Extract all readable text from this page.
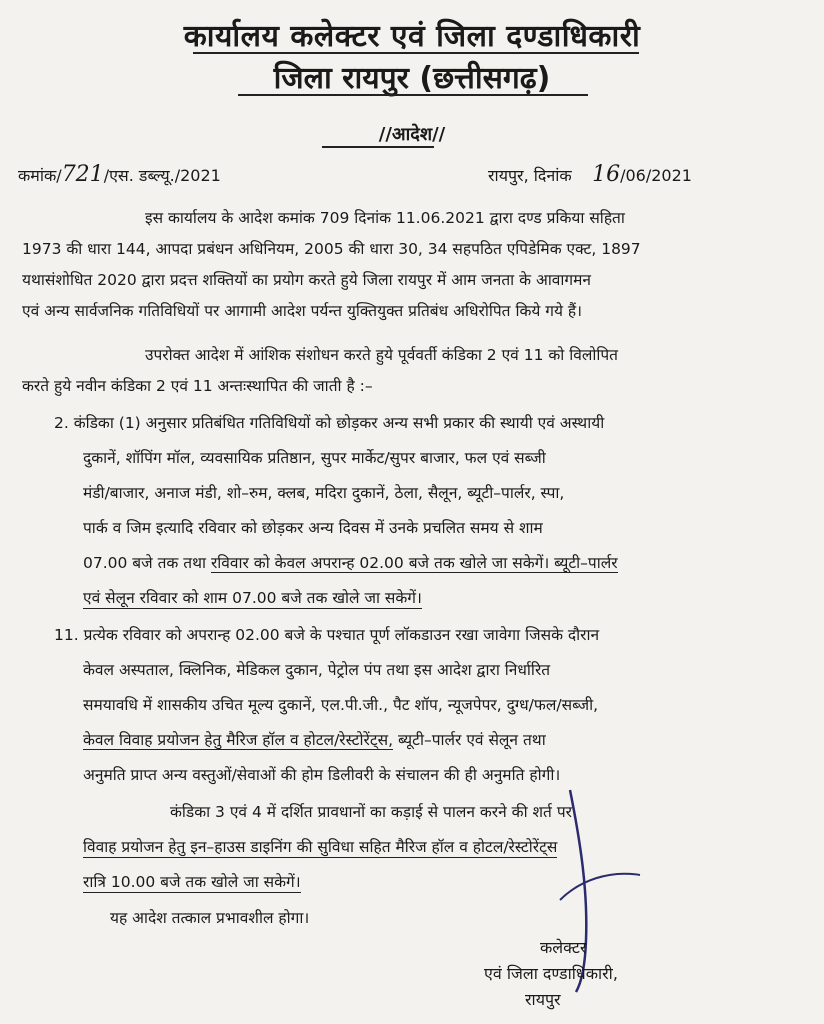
कार्यालय कलेक्टर एवं जिला दण्डाधिकारी
जिला रायपुर (छत्तीसगढ़)
//आदेश//
कमांक/721/एस. डब्ल्यू./2021	रायपुर, दिनांक 16/06/2021
इस कार्यालय के आदेश कमांक 709 दिनांक 11.06.2021 द्वारा दण्ड प्रकिया सहिता
1973 की धारा 144, आपदा प्रबंधन अधिनियम, 2005 की धारा 30, 34 सहपठित एपिडेमिक एक्ट, 1897
यथासंशोधित 2020 द्वारा प्रदत्त शक्तियों का प्रयोग करते हुये जिला रायपुर में आम जनता के आवागमन
एवं अन्य सार्वजनिक गतिविधियों पर आगामी आदेश पर्यन्त युक्तियुक्त प्रतिबंध अधिरोपित किये गये हैं।
उपरोक्त आदेश में आंशिक संशोधन करते हुये पूर्ववर्ती कंडिका 2 एवं 11 को विलोपित
करते हुये नवीन कंडिका 2 एवं 11 अन्तःस्थापित की जाती है :–
2. कंडिका (1) अनुसार प्रतिबंधित गतिविधियों को छोड़कर अन्य सभी प्रकार की स्थायी एवं अस्थायी
दुकानें, शॉपिंग मॉल, व्यवसायिक प्रतिष्ठान, सुपर मार्केट/सुपर बाजार, फल एवं सब्जी
मंडी/बाजार, अनाज मंडी, शो–रुम, क्लब, मदिरा दुकानें, ठेला, सैलून, ब्यूटी–पार्लर, स्पा,
पार्क व जिम इत्यादि रविवार को छोड़कर अन्य दिवस में उनके प्रचलित समय से शाम
07.00 बजे तक तथा रविवार को केवल अपरान्ह 02.00 बजे तक खोले जा सकेगें। ब्यूटी–पार्लर
एवं सेलून रविवार को शाम 07.00 बजे तक खोले जा सकेगें।
11. प्रत्येक रविवार को अपरान्ह 02.00 बजे के पश्चात पूर्ण लॉकडाउन रखा जावेगा जिसके दौरान
केवल अस्पताल, क्लिनिक, मेडिकल दुकान, पेट्रोल पंप तथा इस आदेश द्वारा निर्धारित
समयावधि में शासकीय उचित मूल्य दुकानें, एल.पी.जी., पैट शॉप, न्यूजपेपर, दुग्ध/फल/सब्जी,
केवल विवाह प्रयोजन हेतु मैरिज हॉल व होटल/रेस्टोरेंट्स, ब्यूटी–पार्लर एवं सेलून तथा
अनुमति प्राप्त अन्य वस्तुओं/सेवाओं की होम डिलीवरी के संचालन की ही अनुमति होगी।
कंडिका 3 एवं 4 में दर्शित प्रावधानों का कड़ाई से पालन करने की शर्त पर
विवाह प्रयोजन हेतु इन–हाउस डाइनिंग की सुविधा सहित मैरिज हॉल व होटल/रेस्टोरेंट्स
रात्रि 10.00 बजे तक खोले जा सकेगें।
यह आदेश तत्काल प्रभावशील होगा।
कलेक्टर
एवं जिला दण्डाधिकारी,
रायपुर
